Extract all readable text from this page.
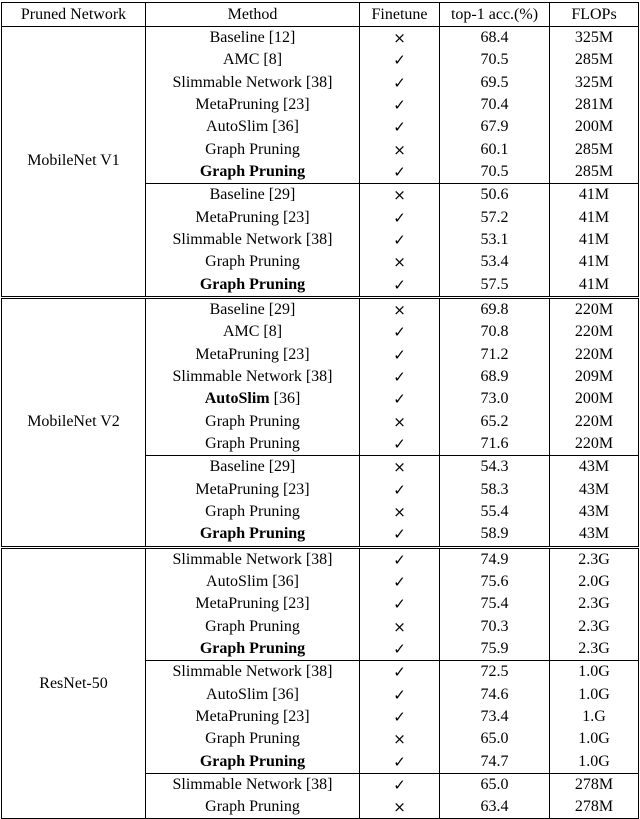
Pruned Network	Method	Finetune	top-1 acc.(%)	FLOPs
MobileNet V1	Baseline [12]	×	68.4	325M
	AMC [8]	✓	70.5	285M
	Slimmable Network [38]	✓	69.5	325M
	MetaPruning [23]	✓	70.4	281M
	AutoSlim [36]	✓	67.9	200M
	Graph Pruning	×	60.1	285M
	Graph Pruning	✓	70.5	285M
	Baseline [29]	×	50.6	41M
	MetaPruning [23]	✓	57.2	41M
	Slimmable Network [38]	✓	53.1	41M
	Graph Pruning	×	53.4	41M
	Graph Pruning	✓	57.5	41M
MobileNet V2	Baseline [29]	×	69.8	220M
	AMC [8]	✓	70.8	220M
	MetaPruning [23]	✓	71.2	220M
	Slimmable Network [38]	✓	68.9	209M
	AutoSlim [36]	✓	73.0	200M
	Graph Pruning	×	65.2	220M
	Graph Pruning	✓	71.6	220M
	Baseline [29]	×	54.3	43M
	MetaPruning [23]	✓	58.3	43M
	Graph Pruning	×	55.4	43M
	Graph Pruning	✓	58.9	43M
ResNet-50	Slimmable Network [38]	✓	74.9	2.3G
	AutoSlim [36]	✓	75.6	2.0G
	MetaPruning [23]	✓	75.4	2.3G
	Graph Pruning	×	70.3	2.3G
	Graph Pruning	✓	75.9	2.3G
	Slimmable Network [38]	✓	72.5	1.0G
	AutoSlim [36]	✓	74.6	1.0G
	MetaPruning [23]	✓	73.4	1.G
	Graph Pruning	×	65.0	1.0G
	Graph Pruning	✓	74.7	1.0G
	Slimmable Network [38]	✓	65.0	278M
	Graph Pruning	×	63.4	278M
